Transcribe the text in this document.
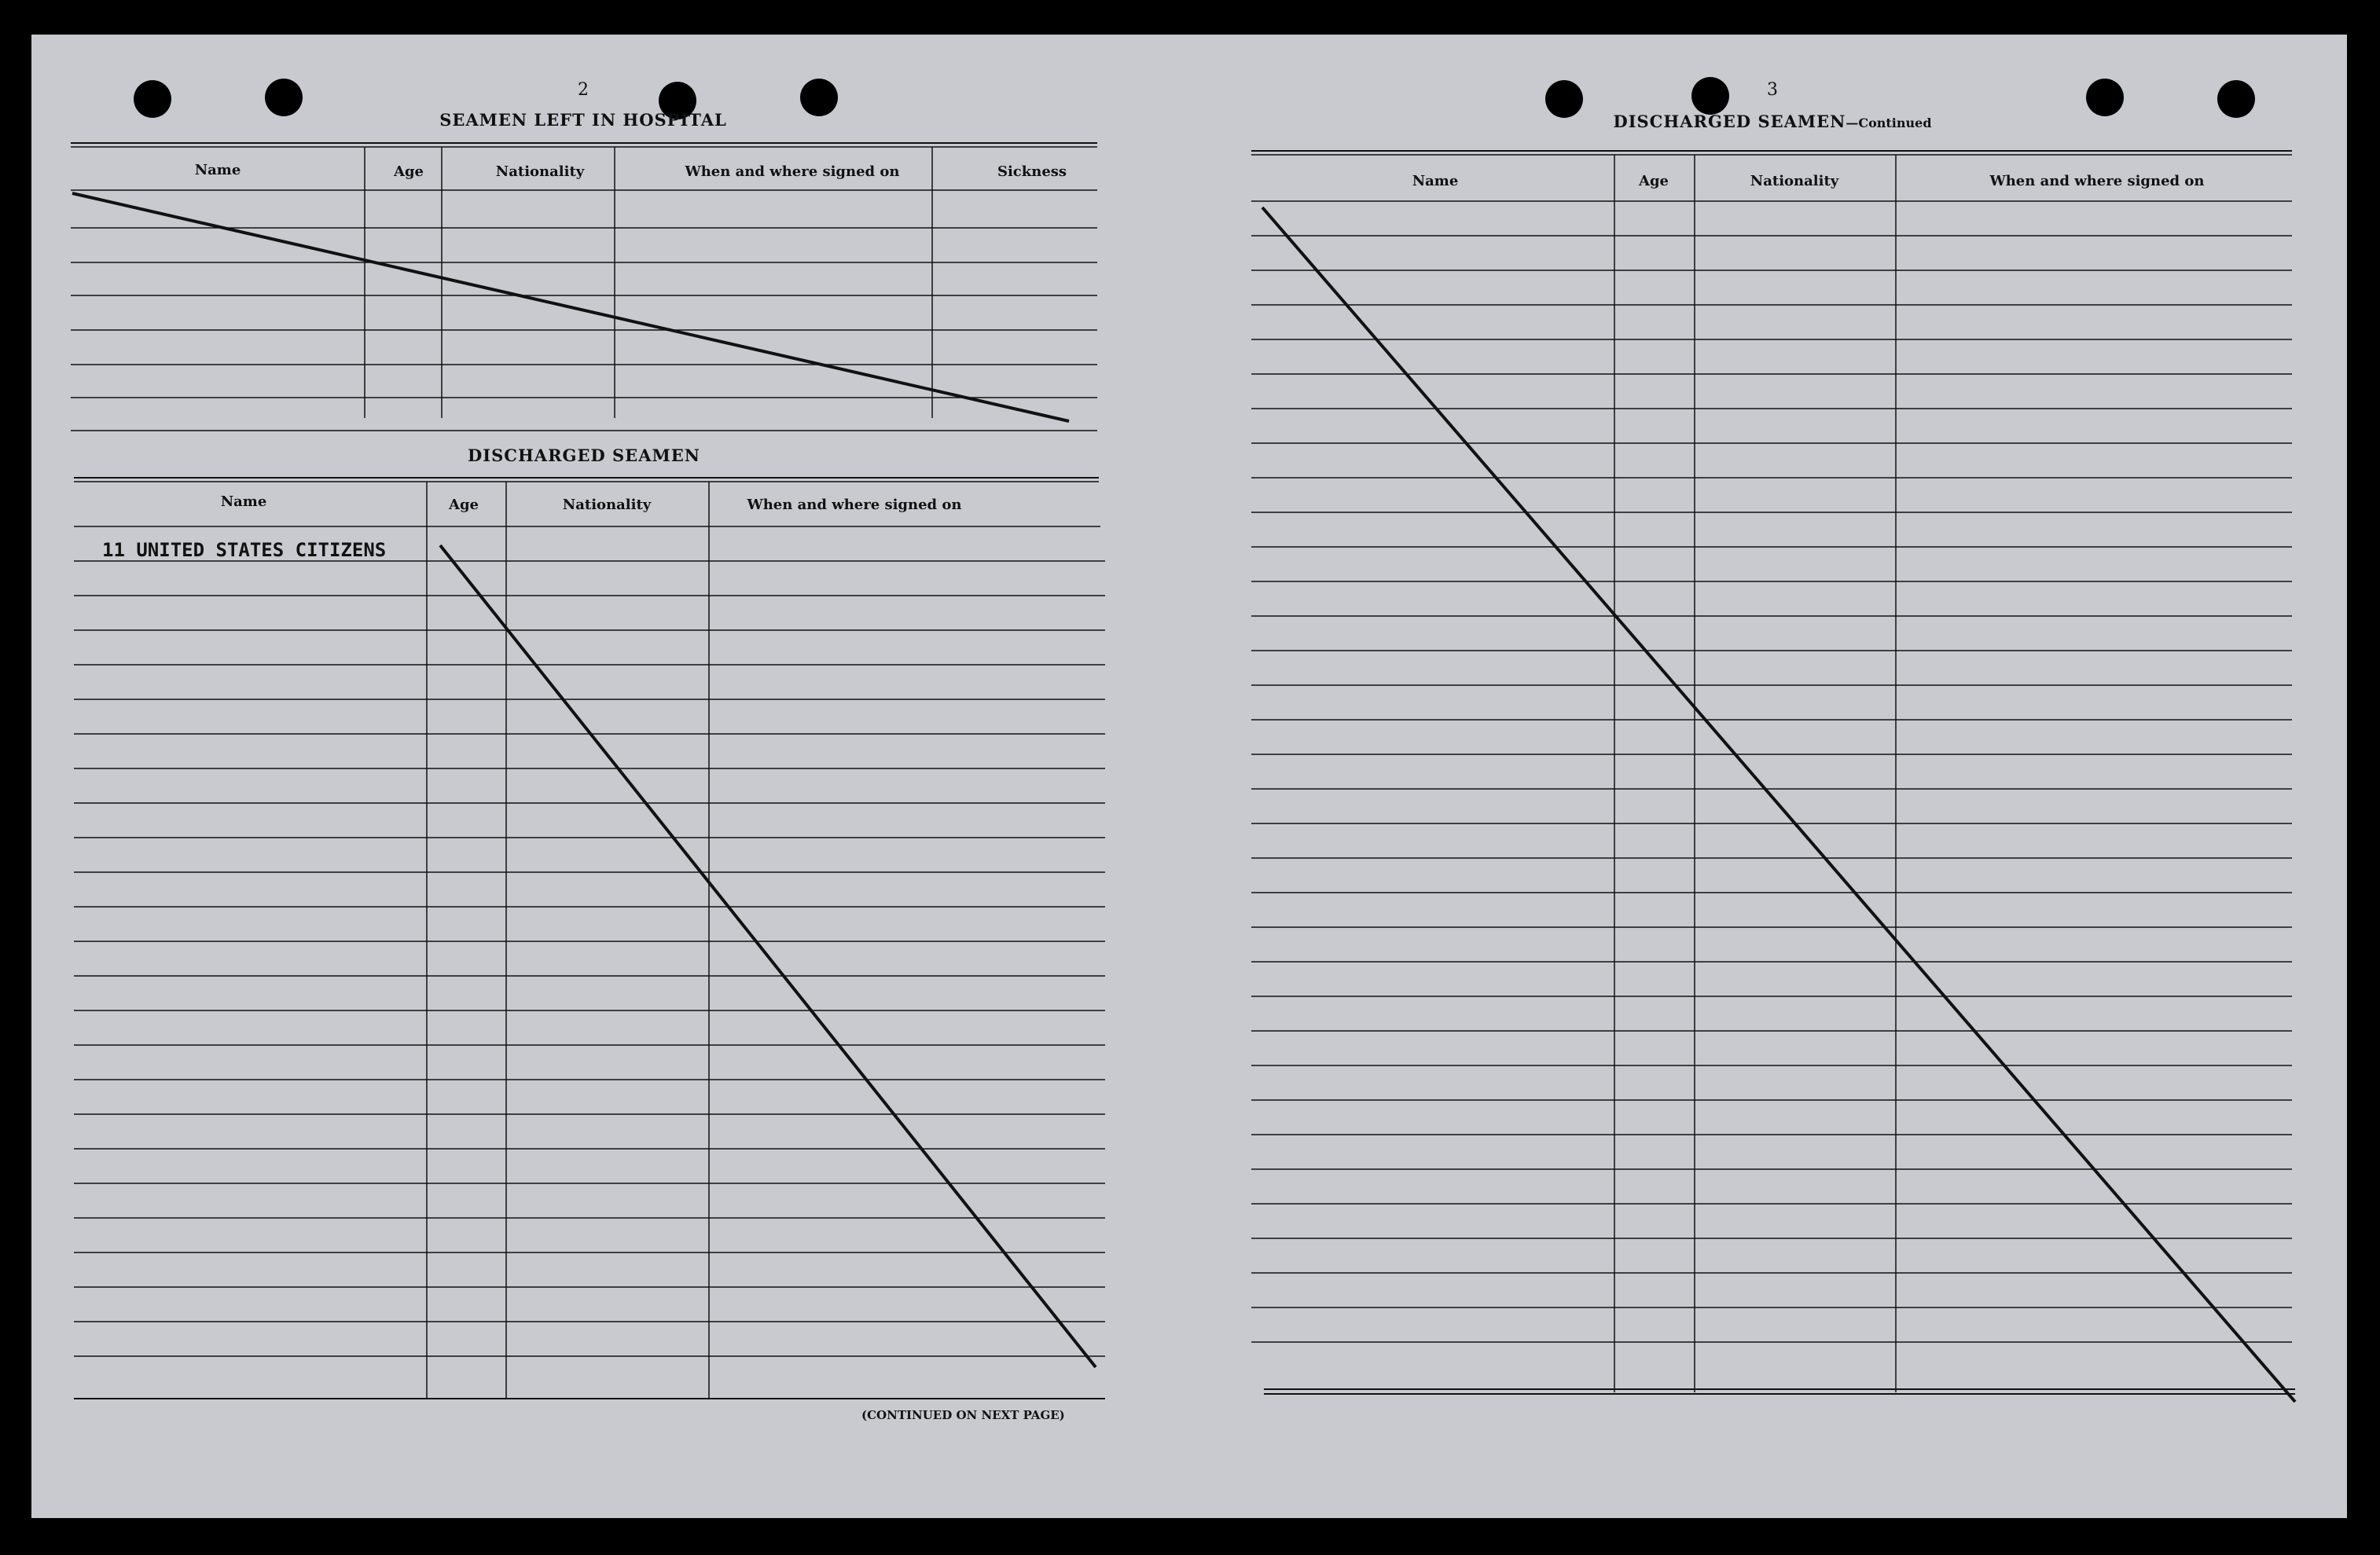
2
SEAMEN LEFT IN HOSPITAL
Name	Age	Nationality	When and where signed on	Sickness
DISCHARGED SEAMEN
Name	Age	Nationality	When and where signed on
11 UNITED STATES CITIZENS
(CONTINUED ON NEXT PAGE)
3
DISCHARGED SEAMEN—Continued
Name	Age	Nationality	When and where signed on
